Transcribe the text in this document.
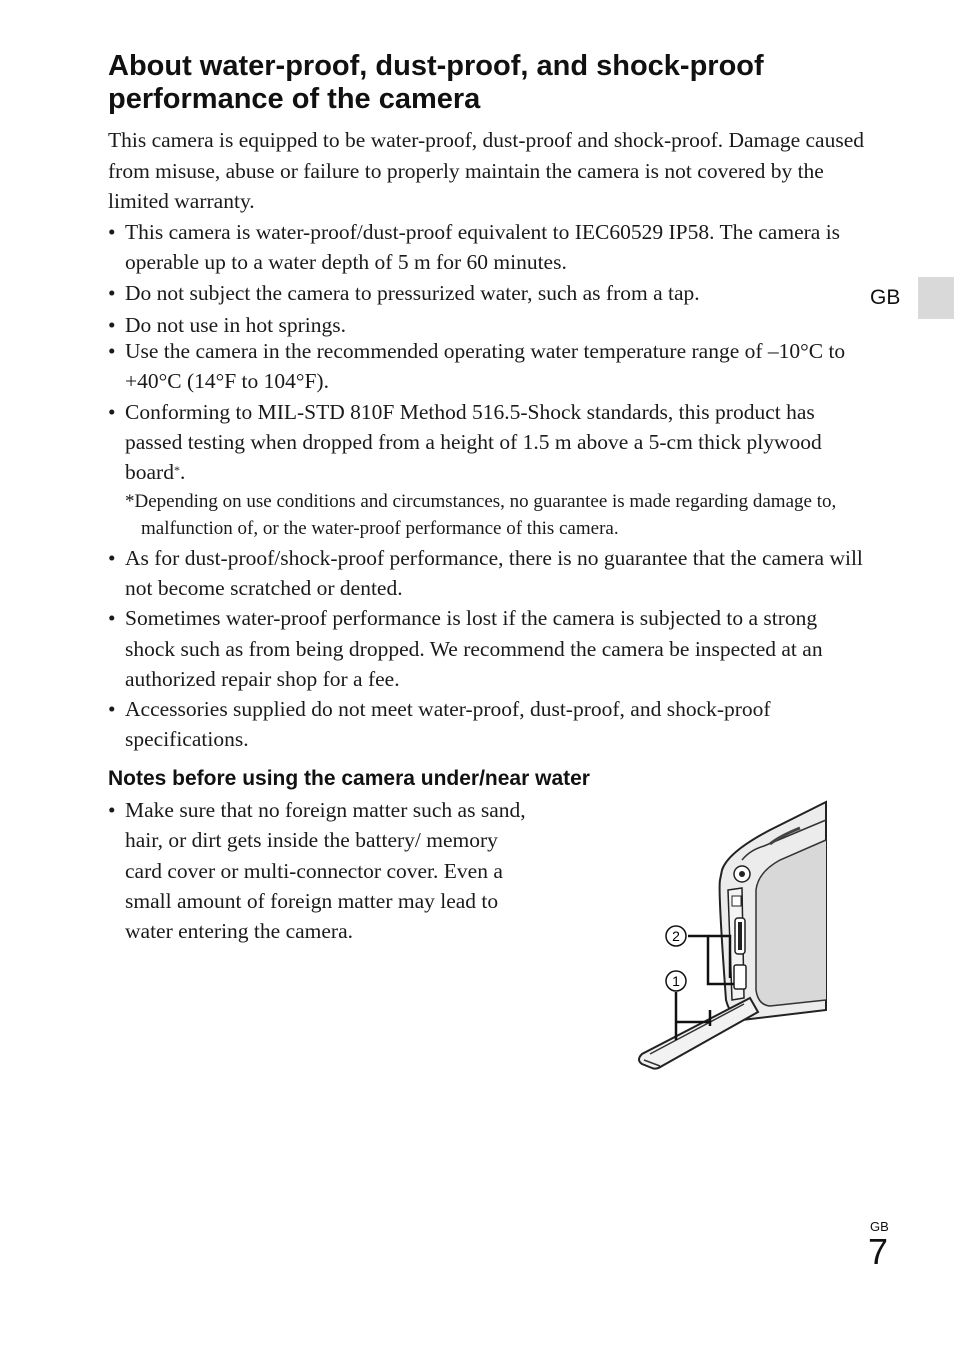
GB
About water-proof, dust-proof, and shock-proof performance of the camera

This camera is equipped to be water-proof, dust-proof and shock-proof. Damage caused from misuse, abuse or failure to properly maintain the camera is not covered by the limited warranty.

• This camera is water-proof/dust-proof equivalent to IEC60529 IP58. The camera is operable up to a water depth of 5 m for 60 minutes.
• Do not subject the camera to pressurized water, such as from a tap.
• Do not use in hot springs.
• Use the camera in the recommended operating water temperature range of –10°C to +40°C (14°F to 104°F).
• Conforming to MIL-STD 810F Method 516.5-Shock standards, this product has passed testing when dropped from a height of 1.5 m above a 5-cm thick plywood board*.

*Depending on use conditions and circumstances, no guarantee is made regarding damage to, malfunction of, or the water-proof performance of this camera.

• As for dust-proof/shock-proof performance, there is no guarantee that the camera will not become scratched or dented.
• Sometimes water-proof performance is lost if the camera is subjected to a strong shock such as from being dropped. We recommend the camera be inspected at an authorized repair shop for a fee.
• Accessories supplied do not meet water-proof, dust-proof, and shock-proof specifications.
Notes before using the camera under/near water
• Make sure that no foreign matter such as sand, hair, or dirt gets inside the battery/ memory card cover or multi-connector cover. Even a small amount of foreign matter may lead to water entering the camera.	2
1
GB
7
